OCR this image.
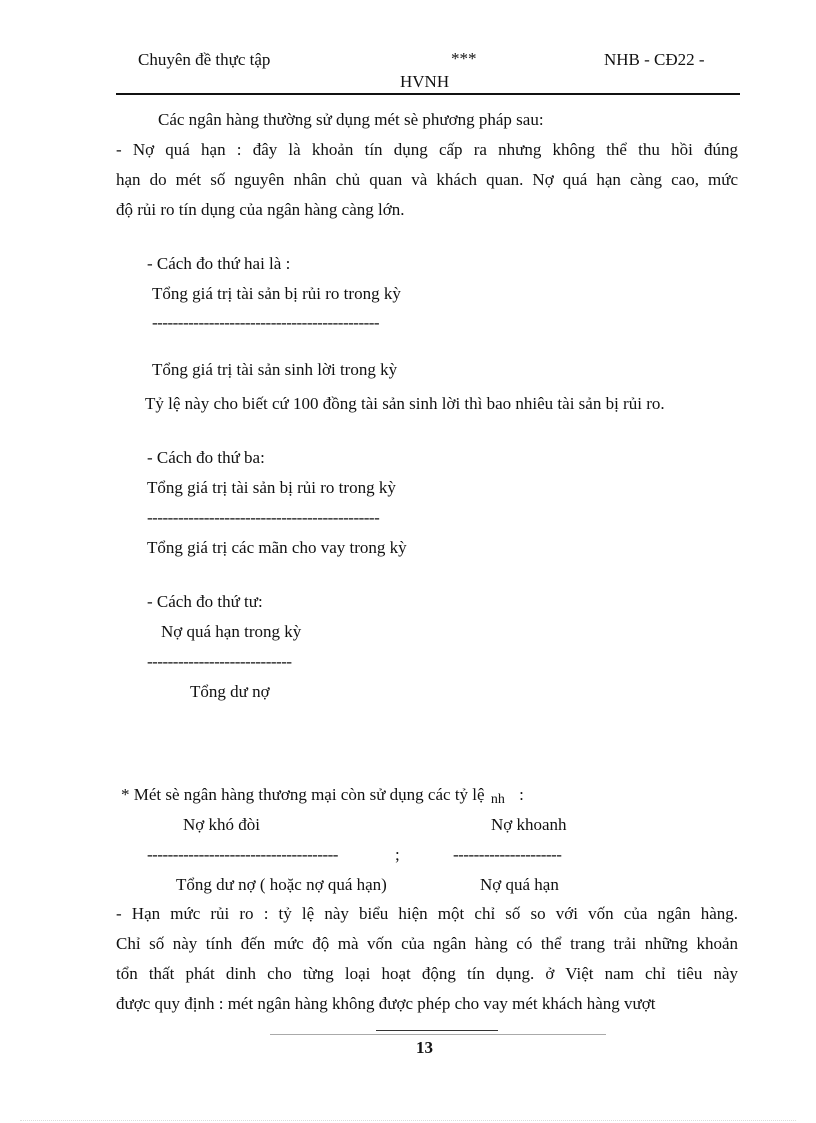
Chuyên đề thực tập	***	NHB - CĐ22 -
HVNH
Các ngân hàng thường sử dụng mét sè phương pháp sau:
- Nợ quá hạn : đây là khoản tín dụng cấp ra nhưng không thể thu hồi đúng
hạn do mét số nguyên nhân chủ quan và khách quan. Nợ quá hạn càng cao, mức
độ rủi ro tín dụng của ngân hàng càng lớn.
- Cách đo thứ hai là :
Tổng giá trị tài sản bị rủi ro trong kỳ
--------------------------------------------
Tổng giá trị tài sản sinh lời trong kỳ
Tỷ lệ này cho biết cứ 100 đồng tài sản sinh lời thì bao nhiêu tài sản bị rủi ro.
- Cách đo thứ ba:
Tổng giá trị tài sản bị rủi ro trong kỳ
---------------------------------------------
Tổng giá trị các mãn cho vay trong kỳ
- Cách đo thứ tư:
Nợ quá hạn trong kỳ
----------------------------
Tổng dư nợ
* Mét sè ngân hàng thương mại còn sử dụng các tỷ lệ nh :
Nợ khó đòi	Nợ khoanh
-------------------------------------	;	---------------------
Tổng dư nợ ( hoặc nợ quá hạn)	Nợ quá hạn
- Hạn mức rủi ro : tỷ lệ này biểu hiện một chỉ số so với vốn của ngân hàng.
Chỉ số này tính đến mức độ mà vốn của ngân hàng có thể trang trải những khoản
tổn thất phát dinh cho từng loại hoạt động tín dụng. ở Việt nam chỉ tiêu này
được quy định : mét ngân hàng không được phép cho vay mét khách hàng vượt
13
